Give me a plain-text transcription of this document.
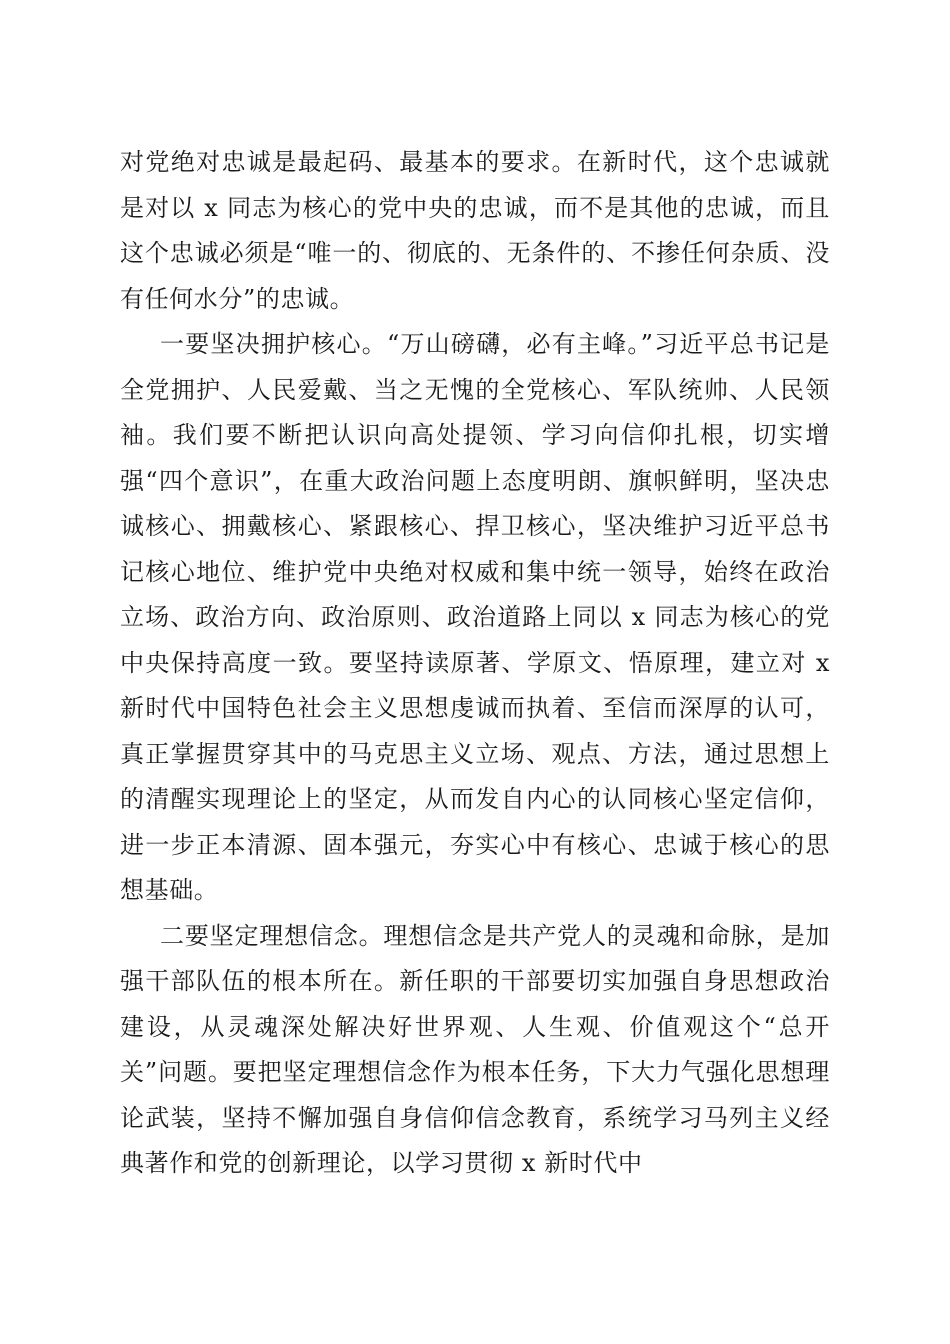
对党绝对忠诚是最起码、最基本的要求。在新时代，这个忠诚就是对以 x 同志为核心的党中央的忠诚，而不是其他的忠诚，而且这个忠诚必须是“唯一的、彻底的、无条件的、不掺任何杂质、没有任何水分”的忠诚。

一要坚决拥护核心。“万山磅礴，必有主峰。”习近平总书记是全党拥护、人民爱戴、当之无愧的全党核心、军队统帅、人民领袖。我们要不断把认识向高处提领、学习向信仰扎根，切实增强“四个意识”，在重大政治问题上态度明朗、旗帜鲜明，坚决忠诚核心、拥戴核心、紧跟核心、捍卫核心，坚决维护习近平总书记核心地位、维护党中央绝对权威和集中统一领导，始终在政治立场、政治方向、政治原则、政治道路上同以 x 同志为核心的党中央保持高度一致。要坚持读原著、学原文、悟原理，建立对 x 新时代中国特色社会主义思想虔诚而执着、至信而深厚的认可，真正掌握贯穿其中的马克思主义立场、观点、方法，通过思想上的清醒实现理论上的坚定，从而发自内心的认同核心坚定信仰，进一步正本清源、固本强元，夯实心中有核心、忠诚于核心的思想基础。

二要坚定理想信念。理想信念是共产党人的灵魂和命脉，是加强干部队伍的根本所在。新任职的干部要切实加强自身思想政治建设，从灵魂深处解决好世界观、人生观、价值观这个“总开关”问题。要把坚定理想信念作为根本任务，下大力气强化思想理论武装，坚持不懈加强自身信仰信念教育，系统学习马列主义经典著作和党的创新理论，以学习贯彻 x 新时代中
